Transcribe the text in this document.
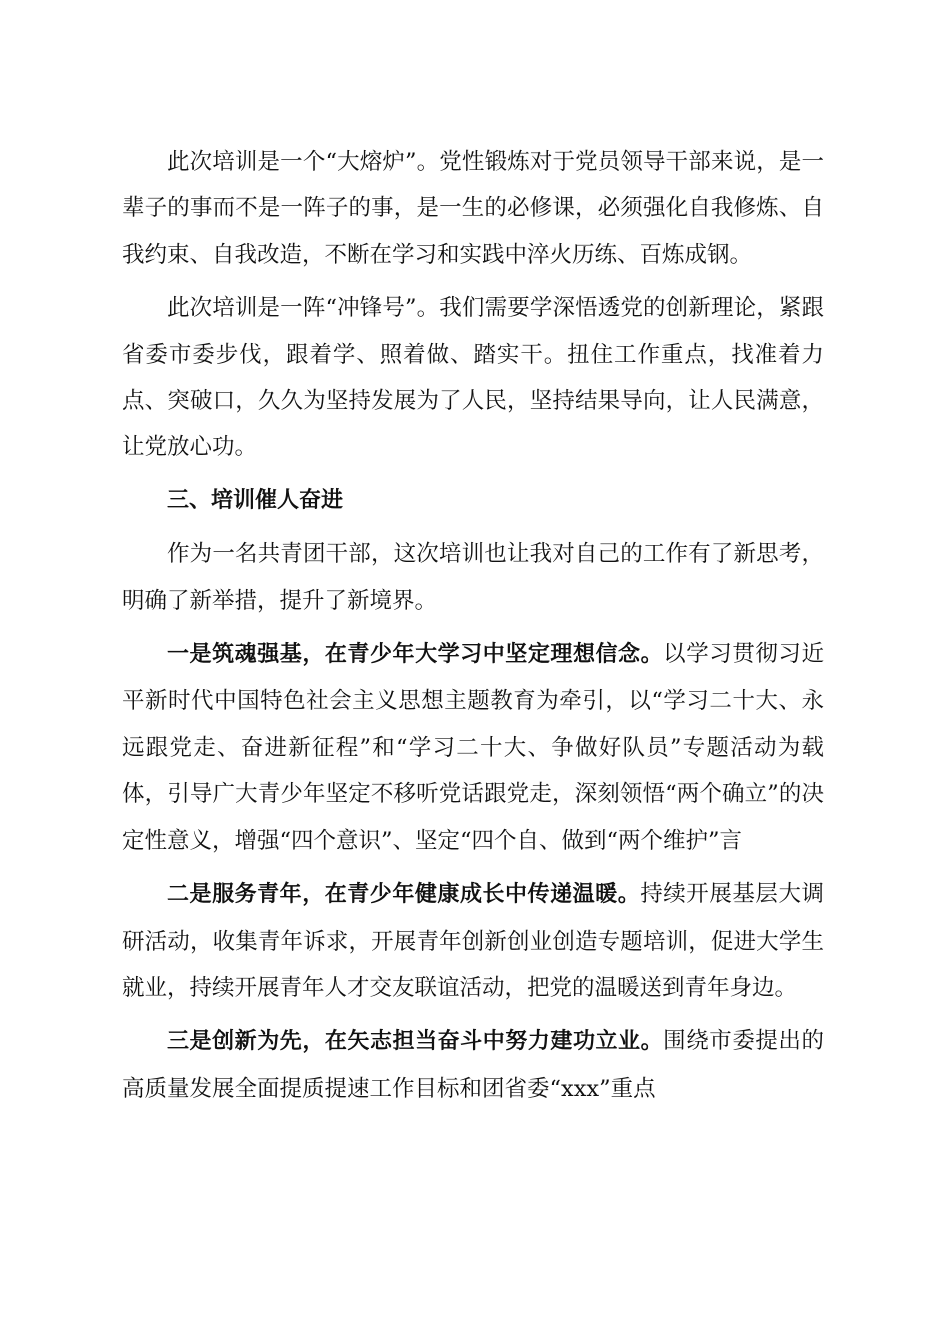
此次培训是一个“大熔炉”。党性锻炼对于党员领导干部来说，是一辈子的事而不是一阵子的事，是一生的必修课，必须强化自我修炼、自我约束、自我改造，不断在学习和实践中淬火历练、百炼成钢。

此次培训是一阵“冲锋号”。我们需要学深悟透党的创新理论，紧跟省委市委步伐，跟着学、照着做、踏实干。扭住工作重点，找准着力点、突破口，久久为坚持发展为了人民，坚持结果导向，让人民满意，让党放心功。

三、培训催人奋进

作为一名共青团干部，这次培训也让我对自己的工作有了新思考，明确了新举措，提升了新境界。

一是筑魂强基，在青少年大学习中坚定理想信念。以学习贯彻习近平新时代中国特色社会主义思想主题教育为牵引，以“学习二十大、永远跟党走、奋进新征程”和“学习二十大、争做好队员”专题活动为载体，引导广大青少年坚定不移听党话跟党走，深刻领悟“两个确立”的决定性意义，增强“四个意识”、坚定“四个自、做到“两个维护”言

二是服务青年，在青少年健康成长中传递温暖。持续开展基层大调研活动，收集青年诉求，开展青年创新创业创造专题培训，促进大学生就业，持续开展青年人才交友联谊活动，把党的温暖送到青年身边。

三是创新为先，在矢志担当奋斗中努力建功立业。围绕市委提出的高质量发展全面提质提速工作目标和团省委“xxx”重点
